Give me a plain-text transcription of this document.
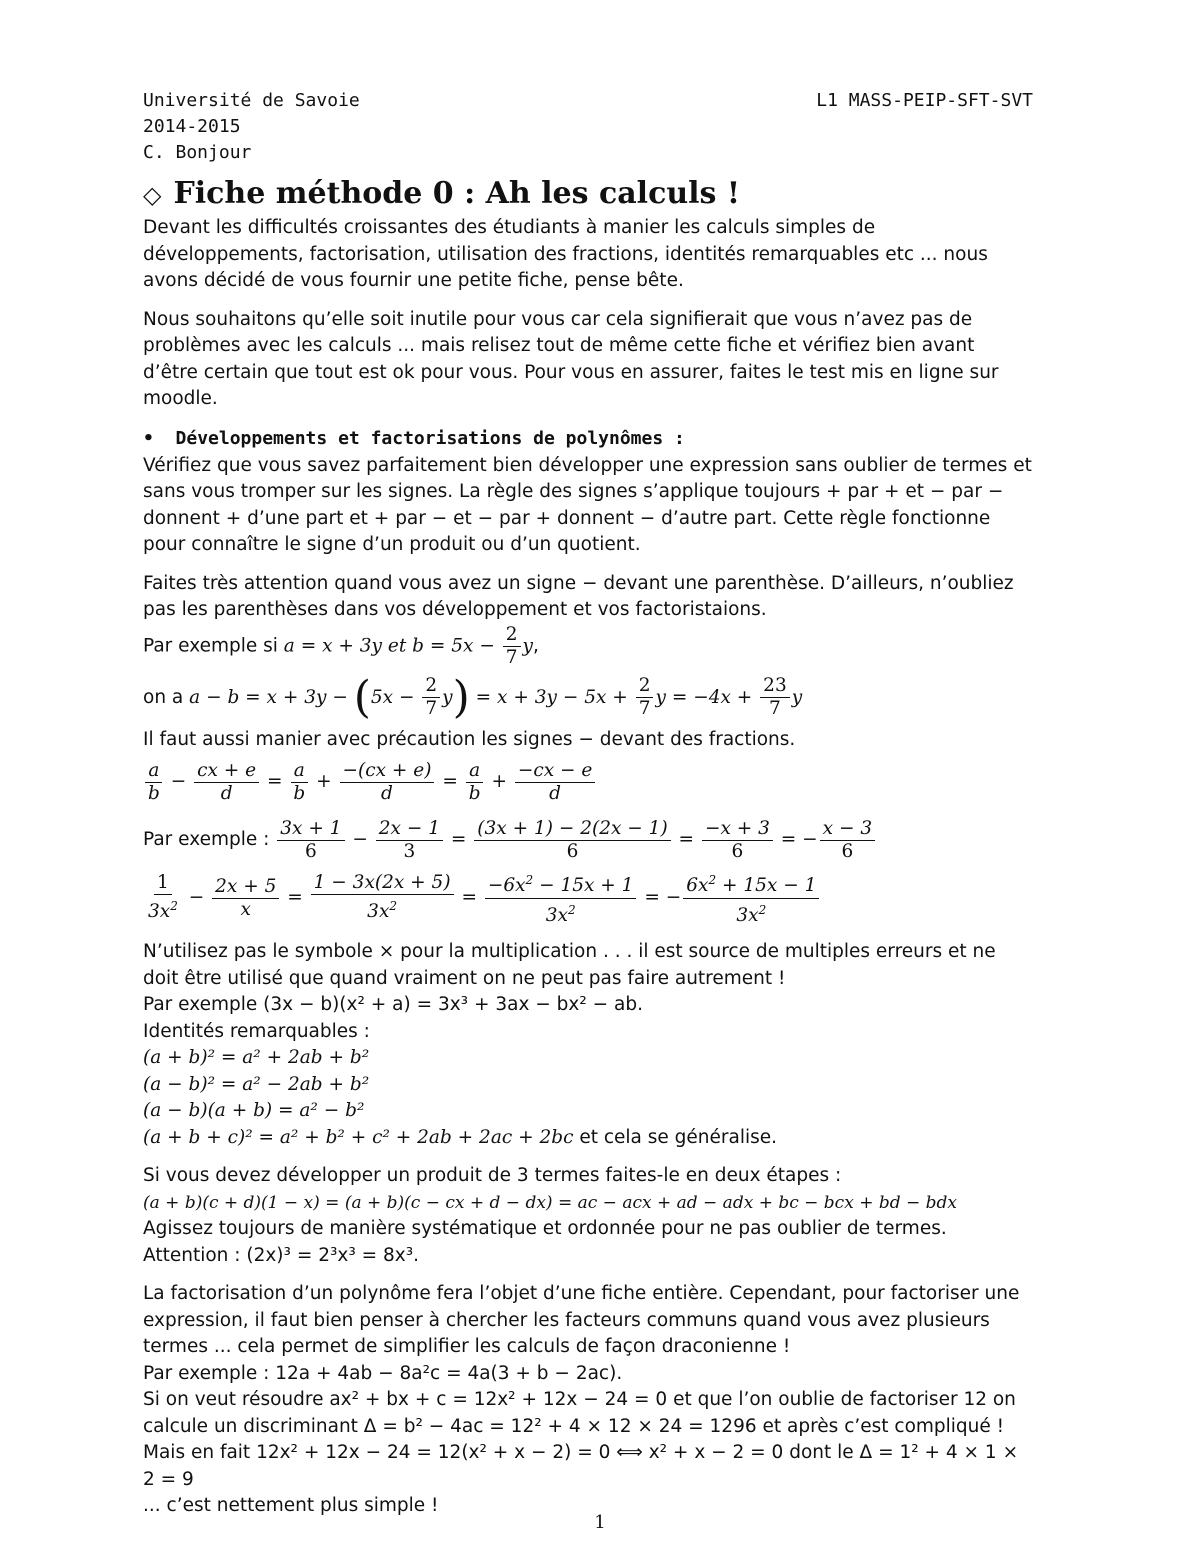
Université de Savoie
2014-2015
C. Bonjour
L1 MASS-PEIP-SFT-SVT
◇ Fiche méthode 0 : Ah les calculs !

Devant les difficultés croissantes des étudiants à manier les calculs simples de développements, factorisation, utilisation des fractions, identités remarquables etc ... nous avons décidé de vous fournir une petite fiche, pense bête.

Nous souhaitons qu’elle soit inutile pour vous car cela signifierait que vous n’avez pas de problèmes avec les calculs ... mais relisez tout de même cette fiche et vérifiez bien avant d’être certain que tout est ok pour vous. Pour vous en assurer, faites le test mis en ligne sur moodle.

•  Développements et factorisations de polynômes :

Vérifiez que vous savez parfaitement bien développer une expression sans oublier de termes et sans vous tromper sur les signes. La règle des signes s’applique toujours + par + et − par − donnent + d’une part et + par − et − par + donnent − d’autre part. Cette règle fonctionne pour connaître le signe d’un produit ou d’un quotient.

Faites très attention quand vous avez un signe − devant une parenthèse. D’ailleurs, n’oubliez pas les parenthèses dans vos développement et vos factoristaions.

Par exemple si a = x + 3y et $b = 5x - \frac{2}{7} y$,
on a $a - b = x + 3y - (5x - \frac{2}{7} y) = x + 3y - 5x + \frac{2}{7}$ $y = -4x + \frac{23}{7}$ y

Il faut aussi manier avec précaution les signes − devant des fractions.

$\frac{a}{b} - \frac{cx + e}{d} = \frac{a}{b} + \frac{-(cx + e)}{d} = \frac{a}{b} + \frac{-cx - e}{d}$
Par exemple : $\frac{3x + 1}{6} - \frac{2x - 1}{3} = \frac{(3x + 1) - 2(2x - 1)}{6} = \frac{-x + 3}{6}$ = − $\frac{x - 3}{6}$
$\frac{1}{3x^2} - \frac{2x + 5}{x} = \frac{1 - 3x(2x + 5)}{3x^2} = \frac{-6x^2 - 15x + 1}{3x^2}$ = − $\frac{6x^2 + 15x - 1}{3x^2}$

N’utilisez pas le symbole × pour la multiplication . . . il est source de multiples erreurs et ne doit être utilisé que quand vraiment on ne peut pas faire autrement !

Par exemple (3x − b)(x² + a) = 3x³ + 3ax − bx² − ab.

Identités remarquables :

(a + b)² = a² + 2ab + b²

(a − b)² = a² − 2ab + b²

(a − b)(a + b) = a² − b²

(a + b + c)² = a² + b² + c² + 2ab + 2ac + 2bc et cela se généralise.

Si vous devez développer un produit de 3 termes faites-le en deux étapes :

(a + b)(c + d)(1 − x) = (a + b)(c − cx + d − dx) = ac − acx + ad − adx + bc − bcx + bd − bdx

Agissez toujours de manière systématique et ordonnée pour ne pas oublier de termes.

Attention : (2x)³ = 2³x³ = 8x³.

La factorisation d’un polynôme fera l’objet d’une fiche entière. Cependant, pour factoriser une expression, il faut bien penser à chercher les facteurs communs quand vous avez plusieurs termes ... cela permet de simplifier les calculs de façon draconienne !

Par exemple : 12a + 4ab − 8a²c = 4a(3 + b − 2ac).

Si on veut résoudre ax² + bx + c = 12x² + 12x − 24 = 0 et que l’on oublie de factoriser 12 on calcule un discriminant Δ = b² − 4ac = 12² + 4 × 12 × 24 = 1296 et après c’est compliqué !

Mais en fait 12x² + 12x − 24 = 12(x² + x − 2) = 0 ⟺ x² + x − 2 = 0 dont le Δ = 1² + 4 × 1 × 2 = 9

... c’est nettement plus simple !

1
